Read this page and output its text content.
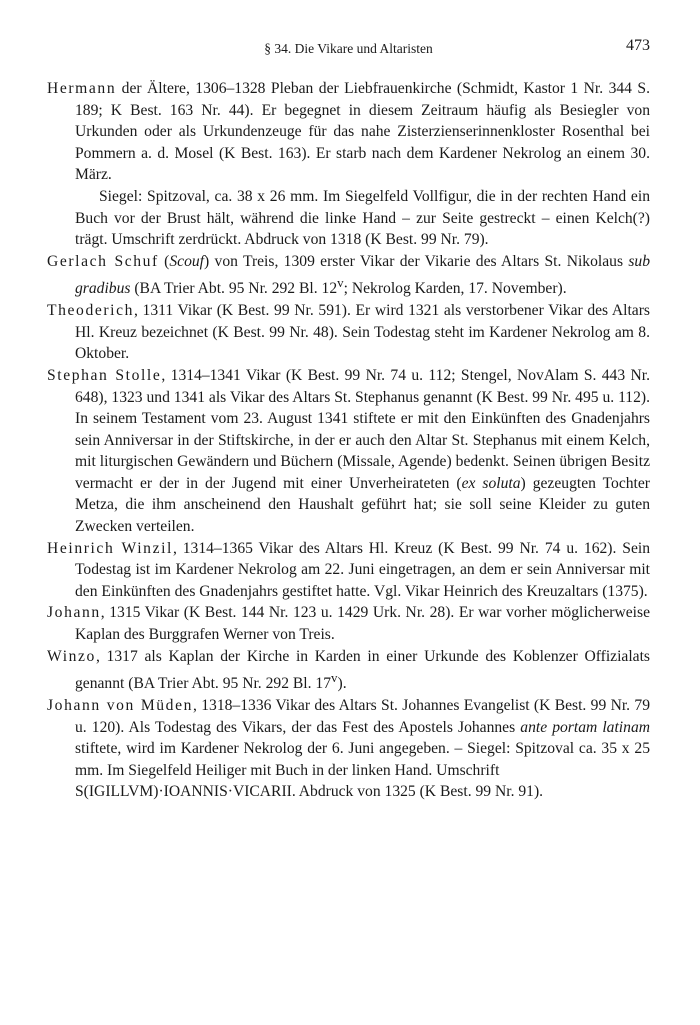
§ 34. Die Vikare und Altaristen	473

Hermann der Ältere, 1306–1328 Pleban der Liebfrauenkirche (Schmidt, Kastor 1 Nr. 344 S. 189; K Best. 163 Nr. 44). Er begegnet in diesem Zeitraum häufig als Besiegler von Urkunden oder als Urkundenzeuge für das nahe Zisterzienserinnenkloster Rosenthal bei Pommern a. d. Mosel (K Best. 163). Er starb nach dem Kardener Nekrolog an einem 30. März.

Siegel: Spitzoval, ca. 38 x 26 mm. Im Siegelfeld Vollfigur, die in der rechten Hand ein Buch vor der Brust hält, während die linke Hand – zur Seite gestreckt – einen Kelch(?) trägt. Umschrift zerdrückt. Abdruck von 1318 (K Best. 99 Nr. 79).

Gerlach Schuf (Scouf) von Treis, 1309 erster Vikar der Vikarie des Altars St. Nikolaus sub gradibus (BA Trier Abt. 95 Nr. 292 Bl. 12$^v$; Nekrolog Karden, 17. November).

Theoderich, 1311 Vikar (K Best. 99 Nr. 591). Er wird 1321 als verstorbener Vikar des Altars Hl. Kreuz bezeichnet (K Best. 99 Nr. 48). Sein Todestag steht im Kardener Nekrolog am 8. Oktober.

Stephan Stolle, 1314–1341 Vikar (K Best. 99 Nr. 74 u. 112; Stengel, NovAlam S. 443 Nr. 648), 1323 und 1341 als Vikar des Altars St. Stephanus genannt (K Best. 99 Nr. 495 u. 112). In seinem Testament vom 23. August 1341 stiftete er mit den Einkünften des Gnadenjahrs sein Anniversar in der Stiftskirche, in der er auch den Altar St. Stephanus mit einem Kelch, mit liturgischen Gewändern und Büchern (Missale, Agende) bedenkt. Seinen übrigen Besitz vermacht er der in der Jugend mit einer Unverheirateten (ex soluta) gezeugten Tochter Metza, die ihm anscheinend den Haushalt geführt hat; sie soll seine Kleider zu guten Zwecken verteilen.

Heinrich Winzil, 1314–1365 Vikar des Altars Hl. Kreuz (K Best. 99 Nr. 74 u. 162). Sein Todestag ist im Kardener Nekrolog am 22. Juni eingetragen, an dem er sein Anniversar mit den Einkünften des Gnadenjahrs gestiftet hatte. Vgl. Vikar Heinrich des Kreuzaltars (1375).

Johann, 1315 Vikar (K Best. 144 Nr. 123 u. 1429 Urk. Nr. 28). Er war vorher möglicherweise Kaplan des Burggrafen Werner von Treis.

Winzo, 1317 als Kaplan der Kirche in Karden in einer Urkunde des Koblenzer Offizialats genannt (BA Trier Abt. 95 Nr. 292 Bl. 17$^v$).

Johann von Müden, 1318–1336 Vikar des Altars St. Johannes Evangelist (K Best. 99 Nr. 79 u. 120). Als Todestag des Vikars, der das Fest des Apostels Johannes ante portam latinam stiftete, wird im Kardener Nekrolog der 6. Juni angegeben. – Siegel: Spitzoval ca. 35 x 25 mm. Im Siegelfeld Heiliger mit Buch in der linken Hand. Umschrift
S(IGILLVM)·IOANNIS·VICARII. Abdruck von 1325 (K Best. 99 Nr. 91).
